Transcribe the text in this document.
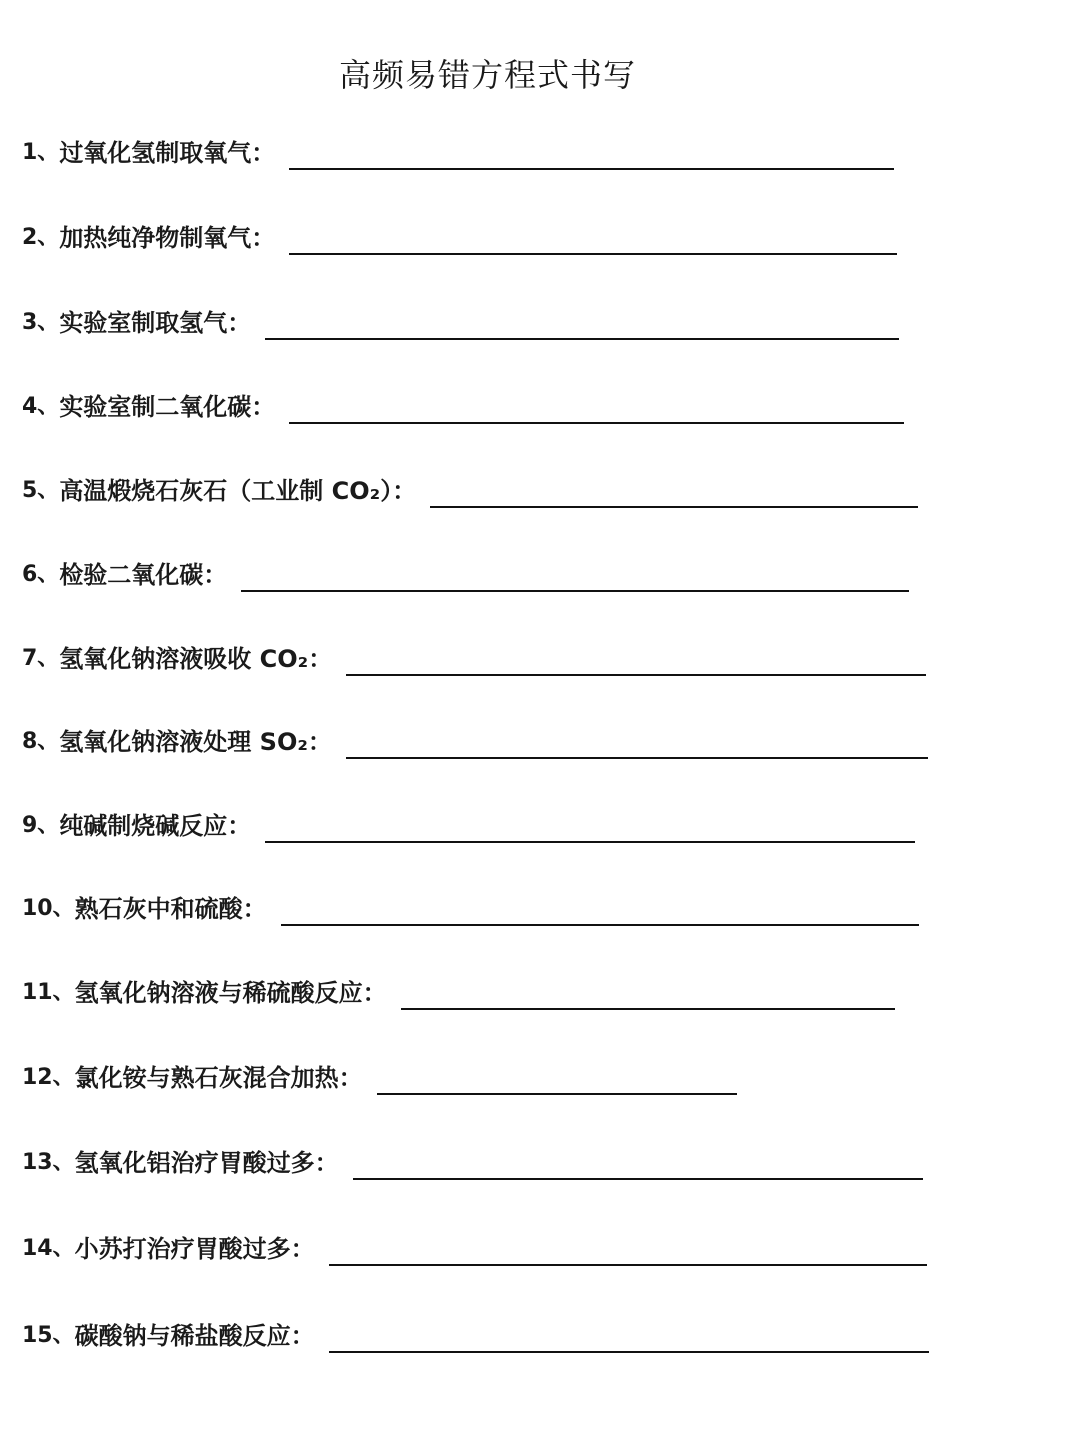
高频易错方程式书写
1、 过氧化氢制取氧气：
2、 加热纯净物制氧气：
3、 实验室制取氢气：
4、 实验室制二氧化碳：
5、 高温煅烧石灰石（工业制 CO₂）：
6、 检验二氧化碳：
7、 氢氧化钠溶液吸收 CO₂：
8、 氢氧化钠溶液处理 SO₂：
9、 纯碱制烧碱反应：
10、 熟石灰中和硫酸：
11、 氢氧化钠溶液与稀硫酸反应：
12、 氯化铵与熟石灰混合加热：
13、 氢氧化铝治疗胃酸过多：
14、 小苏打治疗胃酸过多：
15、 碳酸钠与稀盐酸反应：
